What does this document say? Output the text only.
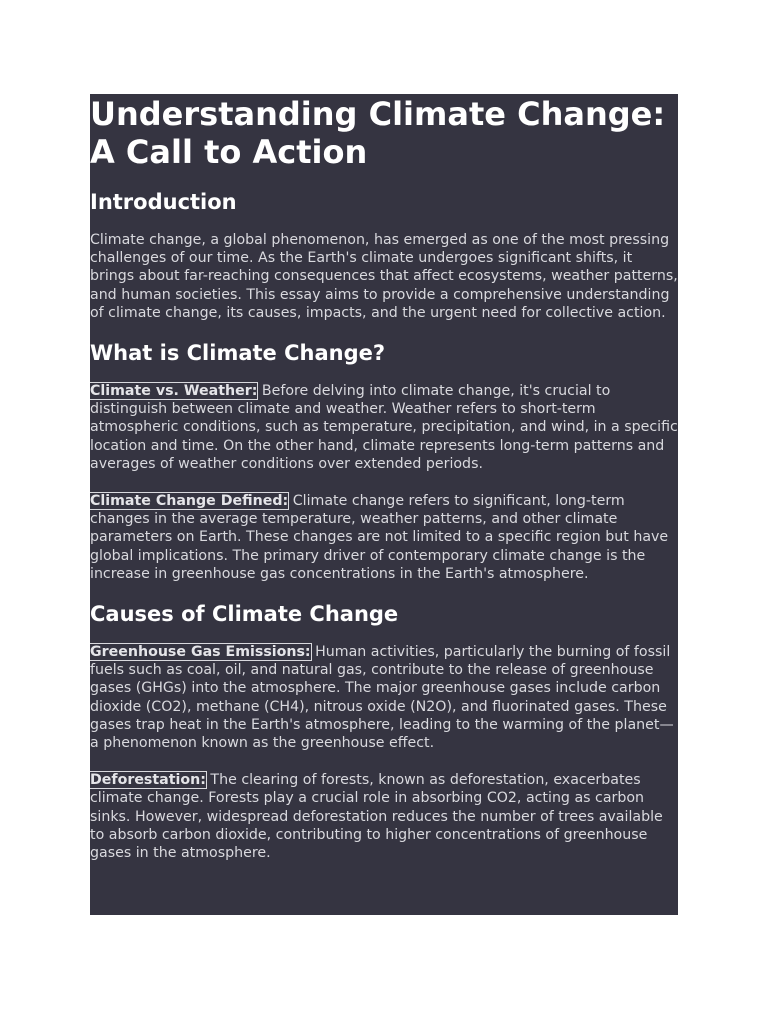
Understanding Climate Change: A Call to Action
Introduction

Climate change, a global phenomenon, has emerged as one of the most pressing challenges of our time. As the Earth's climate undergoes significant shifts, it brings about far-reaching consequences that affect ecosystems, weather patterns, and human societies. This essay aims to provide a comprehensive understanding of climate change, its causes, impacts, and the urgent need for collective action.

What is Climate Change?

Climate vs. Weather: Before delving into climate change, it's crucial to distinguish between climate and weather. Weather refers to short-term atmospheric conditions, such as temperature, precipitation, and wind, in a specific location and time. On the other hand, climate represents long-term patterns and averages of weather conditions over extended periods.

Climate Change Defined: Climate change refers to significant, long-term changes in the average temperature, weather patterns, and other climate parameters on Earth. These changes are not limited to a specific region but have global implications. The primary driver of contemporary climate change is the increase in greenhouse gas concentrations in the Earth's atmosphere.

Causes of Climate Change

Greenhouse Gas Emissions: Human activities, particularly the burning of fossil fuels such as coal, oil, and natural gas, contribute to the release of greenhouse gases (GHGs) into the atmosphere. The major greenhouse gases include carbon dioxide (CO2), methane (CH4), nitrous oxide (N2O), and fluorinated gases. These gases trap heat in the Earth's atmosphere, leading to the warming of the planet—a phenomenon known as the greenhouse effect.

Deforestation: The clearing of forests, known as deforestation, exacerbates climate change. Forests play a crucial role in absorbing CO2, acting as carbon sinks. However, widespread deforestation reduces the number of trees available to absorb carbon dioxide, contributing to higher concentrations of greenhouse gases in the atmosphere.
